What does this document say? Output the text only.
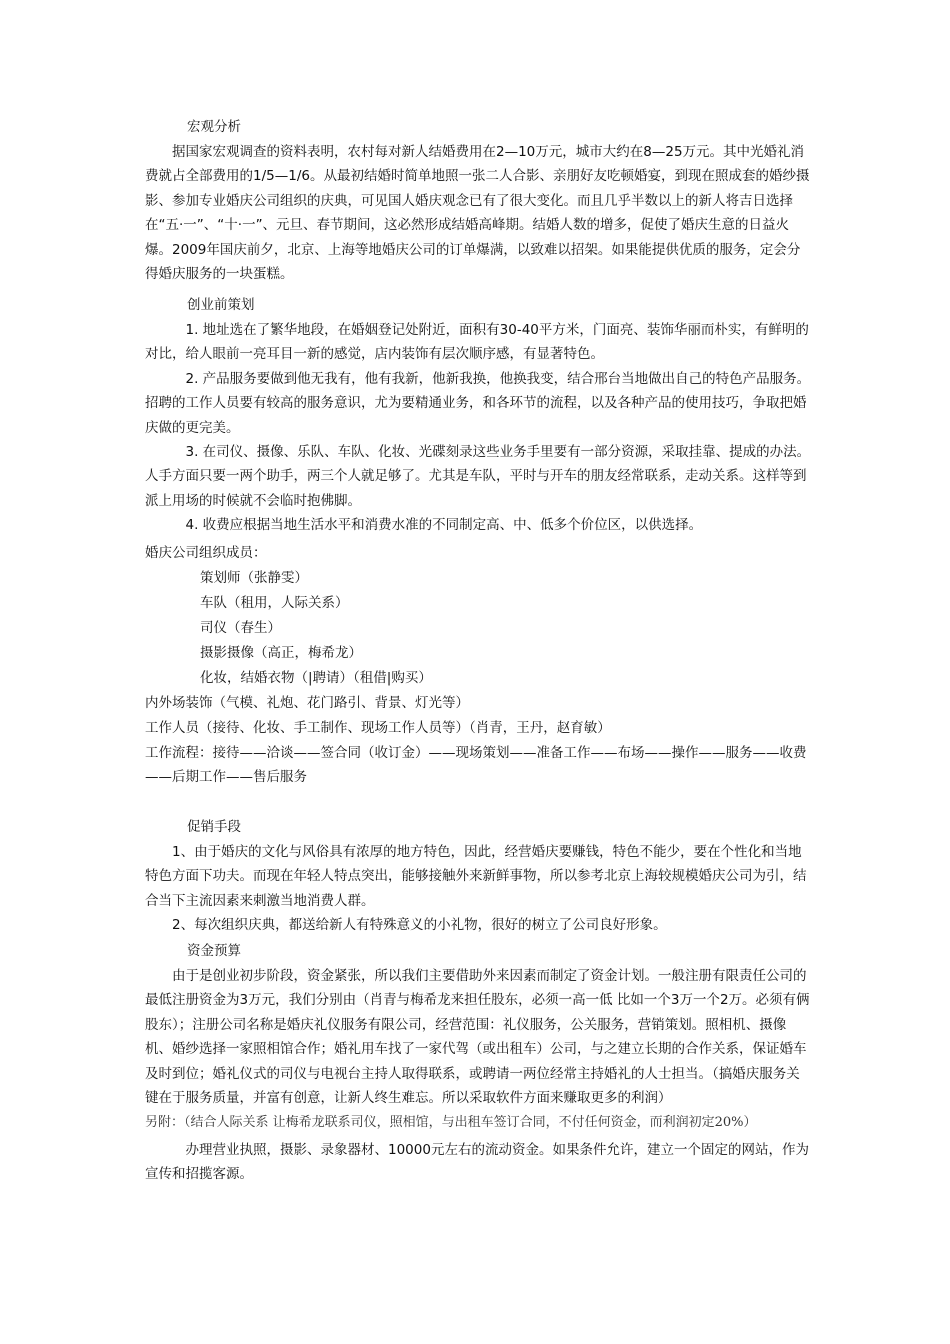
宏观分析

据国家宏观调查的资料表明，农村每对新人结婚费用在2—10万元，城市大约在8—25万元。其中光婚礼消费就占全部费用的1/5—1/6。从最初结婚时简单地照一张二人合影、亲朋好友吃顿婚宴，到现在照成套的婚纱摄影、参加专业婚庆公司组织的庆典，可见国人婚庆观念已有了很大变化。而且几乎半数以上的新人将吉日选择在“五·一”、“十·一”、元旦、春节期间，这必然形成结婚高峰期。结婚人数的增多，促使了婚庆生意的日益火爆。2009年国庆前夕，北京、上海等地婚庆公司的订单爆满，以致难以招架。如果能提供优质的服务，定会分得婚庆服务的一块蛋糕。

创业前策划

1. 地址选在了繁华地段，在婚姻登记处附近，面积有30-40平方米，门面亮、装饰华丽而朴实，有鲜明的对比，给人眼前一亮耳目一新的感觉，店内装饰有层次顺序感，有显著特色。

2. 产品服务要做到他无我有，他有我新，他新我换，他换我变，结合邢台当地做出自己的特色产品服务。招聘的工作人员要有较高的服务意识，尤为要精通业务，和各环节的流程，以及各种产品的使用技巧，争取把婚庆做的更完美。

3. 在司仪、摄像、乐队、车队、化妆、光碟刻录这些业务手里要有一部分资源，采取挂靠、提成的办法。人手方面只要一两个助手，两三个人就足够了。尤其是车队，平时与开车的朋友经常联系，走动关系。这样等到派上用场的时候就不会临时抱佛脚。

4. 收费应根据当地生活水平和消费水准的不同制定高、中、低多个价位区，以供选择。

婚庆公司组织成员：

策划师（张静雯）

车队（租用，人际关系）

司仪（春生）

摄影摄像（高正，梅希龙）

化妆，结婚衣物（|聘请）（租借|购买）

内外场装饰（气模、礼炮、花门路引、背景、灯光等）

工作人员（接待、化妆、手工制作、现场工作人员等）（肖青，王丹，赵育敏）

工作流程：接待——洽谈——签合同（收订金）——现场策划——准备工作——布场——操作——服务——收费——后期工作——售后服务

促销手段

1、由于婚庆的文化与风俗具有浓厚的地方特色，因此，经营婚庆要赚钱，特色不能少，要在个性化和当地特色方面下功夫。而现在年轻人特点突出，能够接触外来新鲜事物，所以参考北京上海较规模婚庆公司为引，结合当下主流因素来刺激当地消费人群。

2、每次组织庆典，都送给新人有特殊意义的小礼物，很好的树立了公司良好形象。

资金预算

由于是创业初步阶段，资金紧张，所以我们主要借助外来因素而制定了资金计划。一般注册有限责任公司的最低注册资金为3万元，我们分别由（肖青与梅希龙来担任股东，必须一高一低 比如一个3万一个2万。必须有俩股东）；注册公司名称是婚庆礼仪服务有限公司，经营范围：礼仪服务，公关服务，营销策划。照相机、摄像机、婚纱选择一家照相馆合作；婚礼用车找了一家代驾（或出租车）公司，与之建立长期的合作关系，保证婚车及时到位；婚礼仪式的司仪与电视台主持人取得联系，或聘请一两位经常主持婚礼的人士担当。（搞婚庆服务关键在于服务质量，并富有创意，让新人终生难忘。所以采取软件方面来赚取更多的利润）

另附：（结合人际关系 让梅希龙联系司仪，照相馆，与出租车签订合同，不付任何资金，而利润初定20%）

办理营业执照，摄影、录象器材、10000元左右的流动资金。如果条件允许，建立一个固定的网站，作为宣传和招揽客源。
